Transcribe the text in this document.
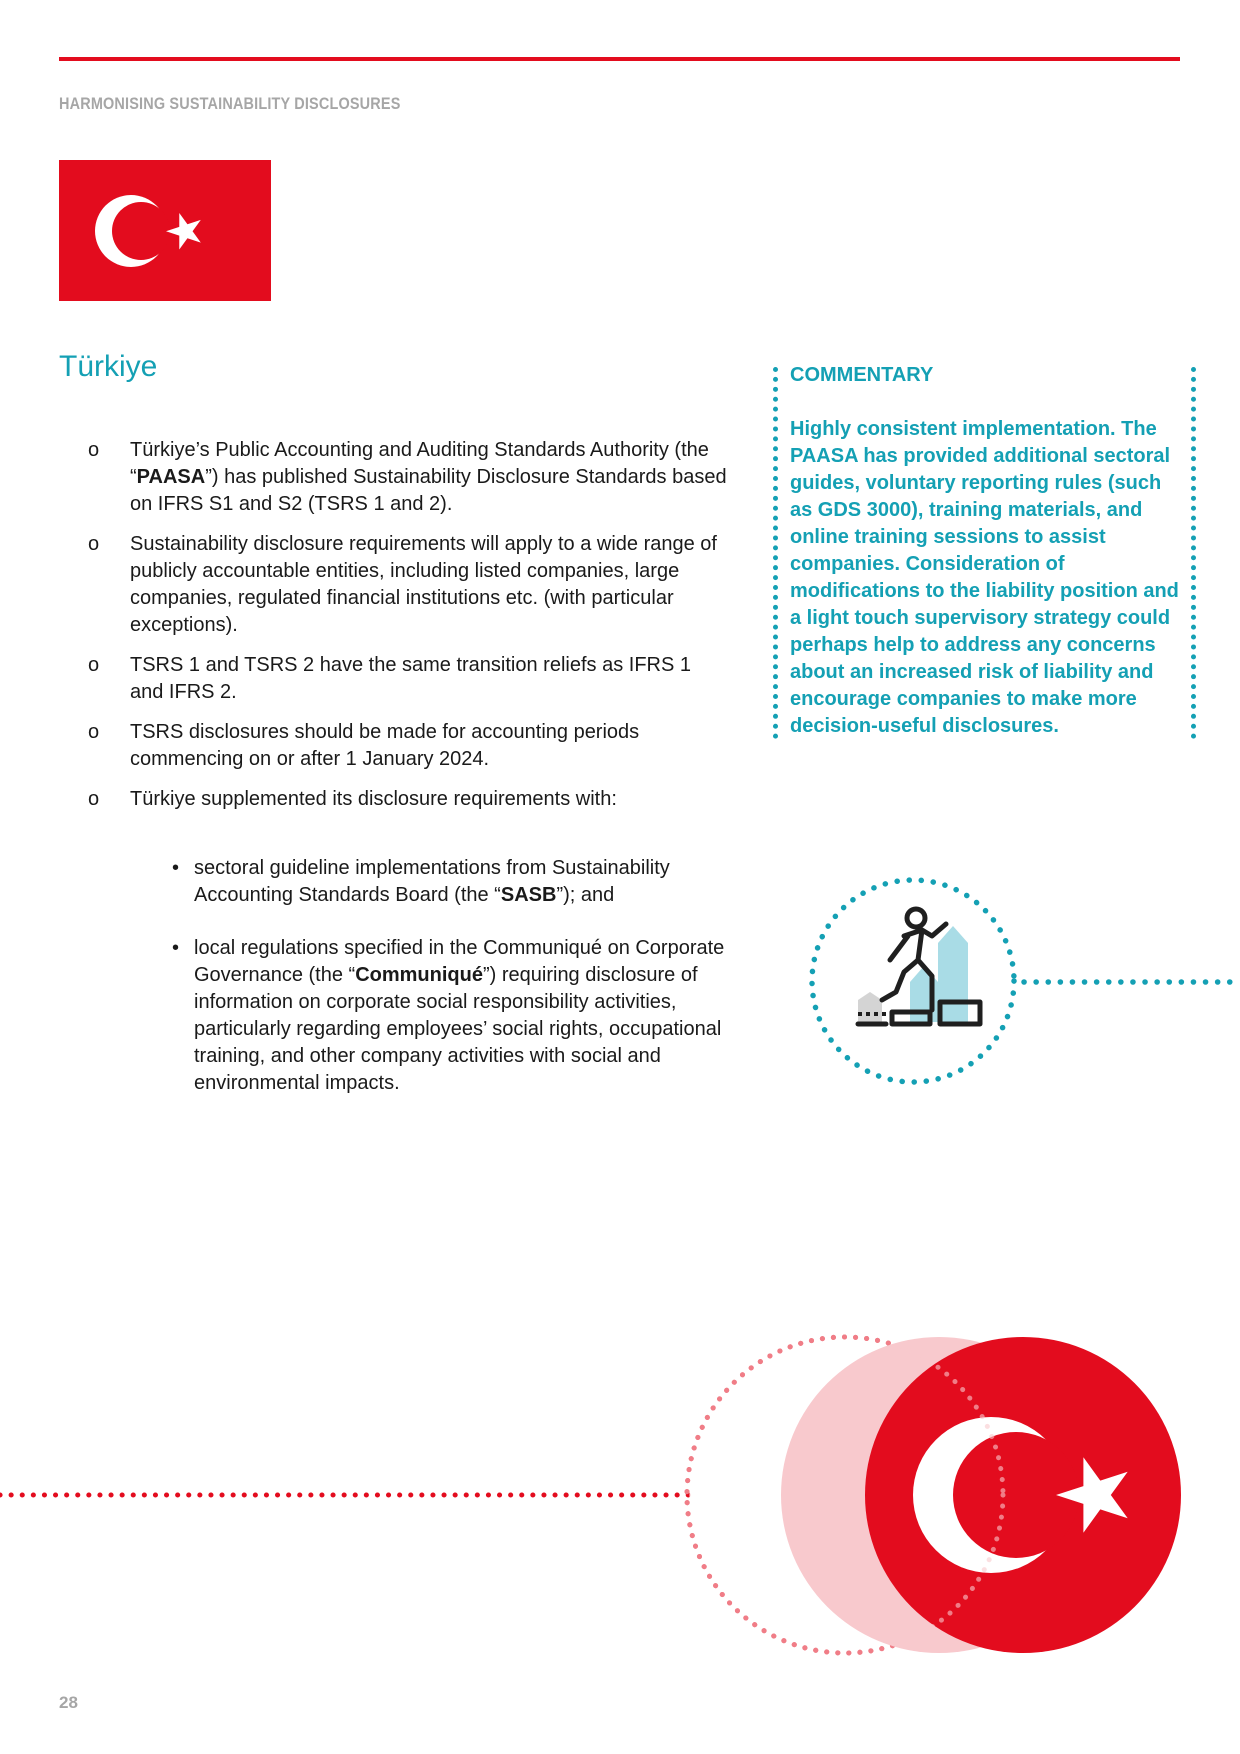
HARMONISING SUSTAINABILITY DISCLOSURES
Türkiye
o Türkiye’s Public Accounting and Auditing Standards Authority (the “PAASA”) has published Sustainability Disclosure Standards based on IFRS S1 and S2 (TSRS 1 and 2).
o Sustainability disclosure requirements will apply to a wide range of publicly accountable entities, including listed companies, large companies, regulated financial institutions etc. (with particular exceptions).
o TSRS 1 and TSRS 2 have the same transition reliefs as IFRS 1 and IFRS 2.
o TSRS disclosures should be made for accounting periods commencing on or after 1 January 2024.
o Türkiye supplemented its disclosure requirements with:
• sectoral guideline implementations from Sustainability Accounting Standards Board (the “SASB”); and
• local regulations specified in the Communiqué on Corporate Governance (the “Communiqué”) requiring disclosure of information on corporate social responsibility activities, particularly regarding employees’ social rights, occupational training, and other company activities with social and environmental impacts.
COMMENTARY

Highly consistent implementation. The PAASA has provided additional sectoral guides, voluntary reporting rules (such as GDS 3000), training materials, and online training sessions to assist companies. Consideration of modifications to the liability position and a light touch supervisory strategy could perhaps help to address any concerns about an increased risk of liability and encourage companies to make more decision-useful disclosures.

28
